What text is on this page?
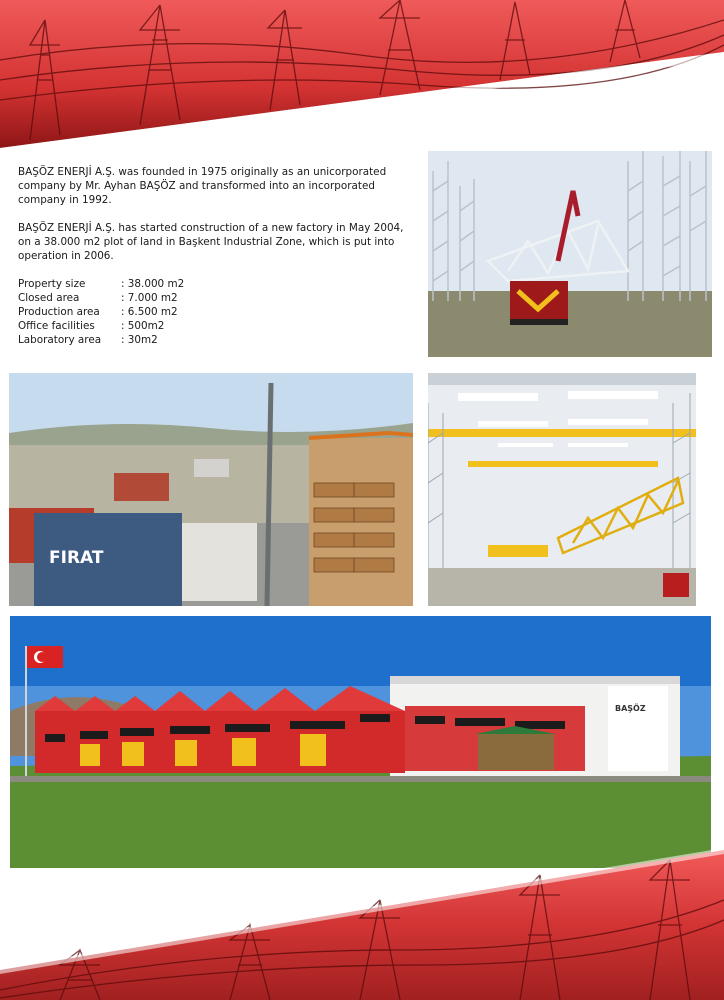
BAŞÖZ ENERJİ A.Ş. was founded in 1975 originally as an unicorporated company by Mr. Ayhan BAŞÖZ and transformed into an incorporated company in 1992.

BAŞÖZ ENERJİ A.Ş. has started construction of a new factory in May 2004, on a 38.000 m2 plot of land in Başkent Industrial Zone, which is put into operation in 2006.

Property size	: 38.000 m2
Closed area	: 7.000 m2
Production area	: 6.500 m2
Office facilities	: 500m2
Laboratory area	: 30m2
FIRAT
BAŞÖZ
